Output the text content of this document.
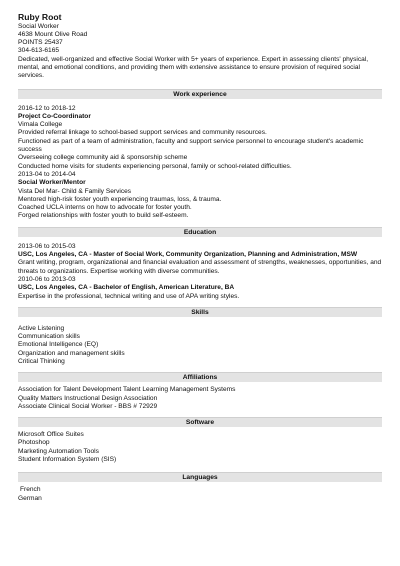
Ruby Root

Social Worker

4638 Mount Olive Road

POINTS 25437

304-613-6165

Dedicated, well-organized and effective Social Worker with 5+ years of experience. Expert in assessing clients' physical, mental, and emotional conditions, and providing them with extensive assistance to ensure provision of required social services.

Work experience

2016-12 to 2018-12

Project Co-Coordinator

Vimala College

Provided referral linkage to school-based support services and community resources.

Functioned as part of a team of administration, faculty and support service personnel to encourage student's academic success

Overseeing college community aid & sponsorship scheme

Conducted home visits for students experiencing personal, family or school-related difficulties.

2013-04 to 2014-04

Social Worker/Mentor

Vista Del Mar- Child & Family Services

Mentored high-risk foster youth experiencing traumas, loss, & trauma.

Coached UCLA interns on how to advocate for foster youth.

Forged relationships with foster youth to build self-esteem.

Education

2013-06 to 2015-03

USC, Los Angeles, CA - Master of Social Work, Community Organization, Planning and Administration, MSW

Grant writing, program, organizational and financial evaluation and assessment of strengths, weaknesses, opportunities, and threats to organizations. Expertise working with diverse communities.

2010-06 to 2013-03

USC, Los Angeles, CA - Bachelor of English, American Literature, BA

Expertise in the professional, technical writing and use of APA writing styles.

Skills

Active Listening

Communication skills

Emotional Intelligence (EQ)

Organization and management skills

Critical Thinking

Affiliations

Association for Talent Development Talent Learning Management Systems

Quality Matters Instructional Design Association

Associate Clinical Social Worker - BBS # 72929

Software

Microsoft Office Suites

Photoshop

Marketing Automation Tools

Student Information System (SIS)

Languages

French

German
